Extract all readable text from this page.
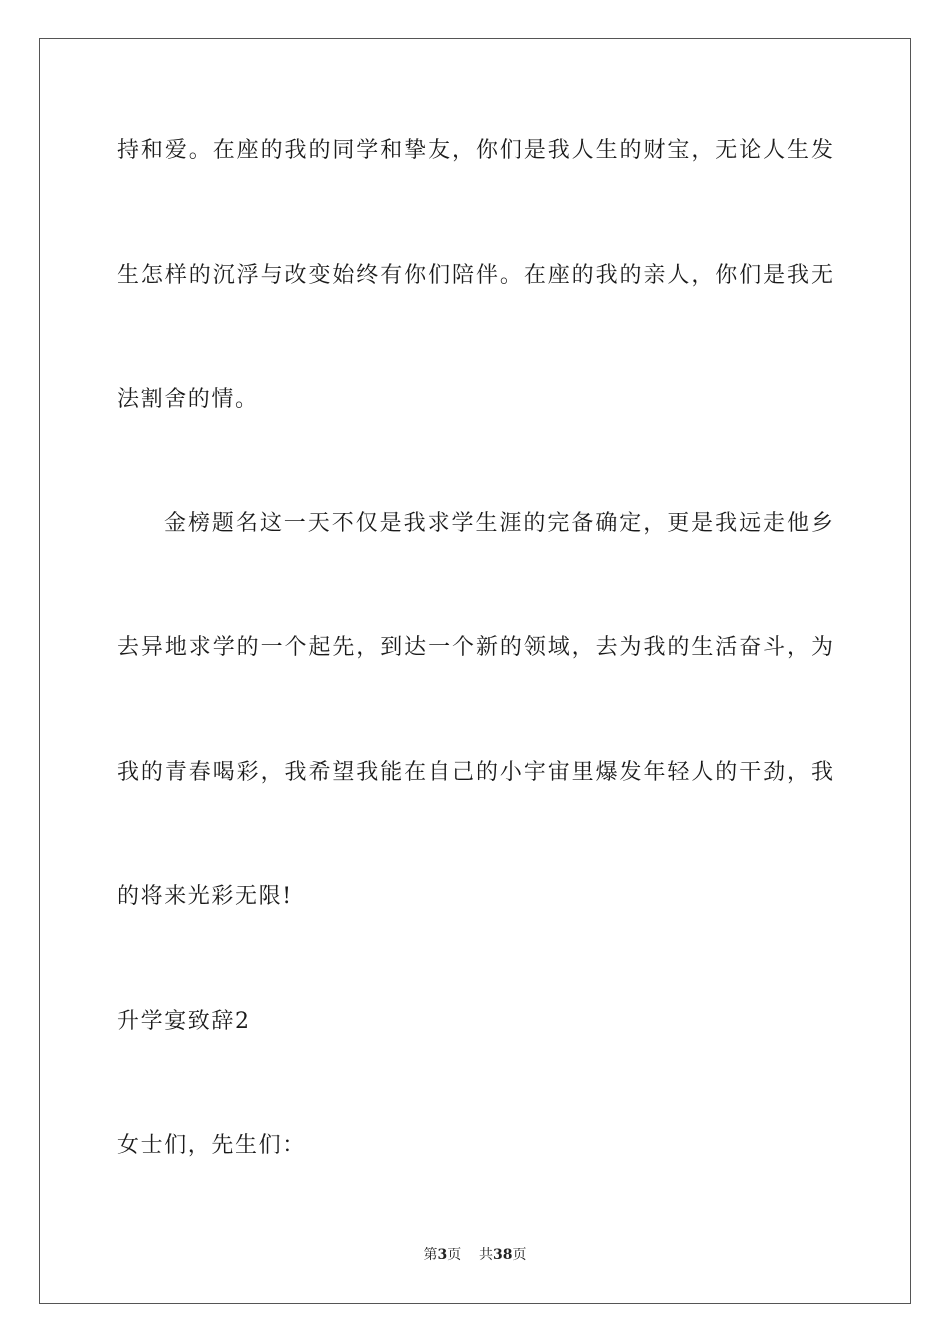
持和爱。在座的我的同学和挚友，你们是我人生的财宝，无论人生发
生怎样的沉浮与改变始终有你们陪伴。在座的我的亲人，你们是我无
法割舍的情。
金榜题名这一天不仅是我求学生涯的完备确定，更是我远走他乡
去异地求学的一个起先，到达一个新的领域，去为我的生活奋斗，为
我的青春喝彩，我希望我能在自己的小宇宙里爆发年轻人的干劲，我
的将来光彩无限!
升学宴致辞2
女士们，先生们：
第3页 共38页
